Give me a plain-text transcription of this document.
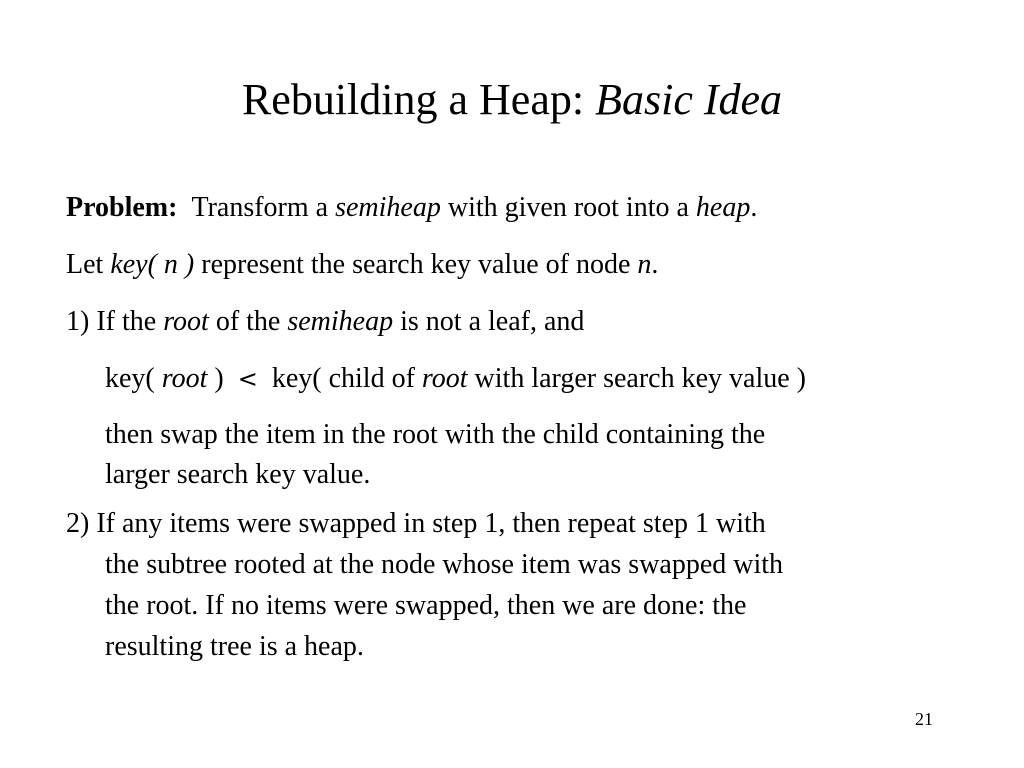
Rebuilding a Heap: Basic Idea
Problem: Transform a semiheap with given root into a heap.
Let key( n ) represent the search key value of node n.
1) If the root of the semiheap is not a leaf, and
key( root ) < key( child of root with larger search key value )
then swap the item in the root with the child containing the
larger search key value.
2) If any items were swapped in step 1, then repeat step 1 with
the subtree rooted at the node whose item was swapped with
the root. If no items were swapped, then we are done: the
resulting tree is a heap.
21
